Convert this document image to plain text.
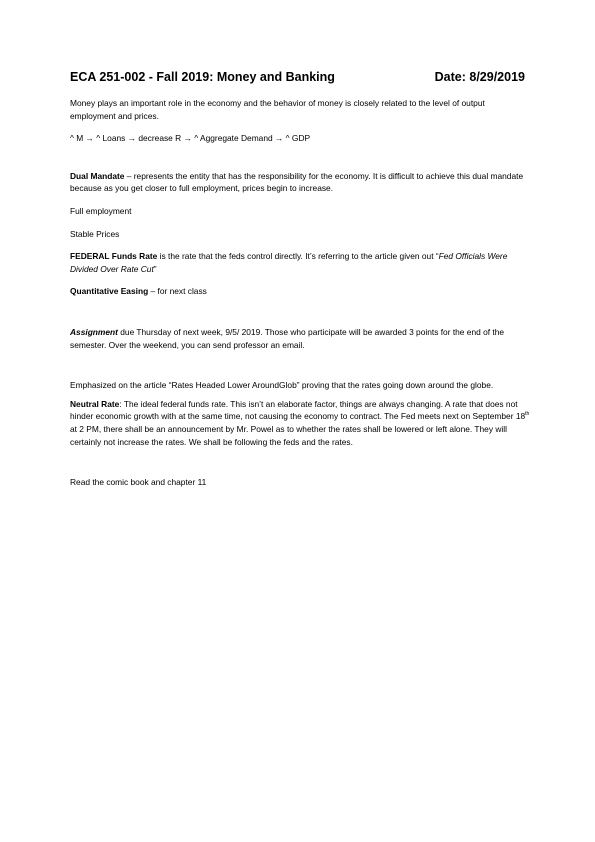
ECA 251-002 - Fall 2019: Money and Banking	Date: 8/29/2019

Money plays an important role in the economy and the behavior of money is closely related to the level of output employment and prices.

^ M → ^ Loans → decrease R → ^ Aggregate Demand → ^ GDP

Dual Mandate – represents the entity that has the responsibility for the economy. It is difficult to achieve this dual mandate because as you get closer to full employment, prices begin to increase.

Full employment

Stable Prices

FEDERAL Funds Rate is the rate that the feds control directly. It’s referring to the article given out “Fed Officials Were Divided Over Rate Cut”

Quantitative Easing – for next class

Assignment due Thursday of next week, 9/5/ 2019. Those who participate will be awarded 3 points for the end of the semester. Over the weekend, you can send professor an email.

Emphasized on the article “Rates Headed Lower AroundGlob” proving that the rates going down around the globe.

Neutral Rate: The ideal federal funds rate. This isn’t an elaborate factor, things are always changing. A rate that does not hinder economic growth with at the same time, not causing the economy to contract. The Fed meets next on September 18th at 2 PM, there shall be an announcement by Mr. Powel as to whether the rates shall be lowered or left alone. They will certainly not increase the rates. We shall be following the feds and the rates.

Read the comic book and chapter 11
